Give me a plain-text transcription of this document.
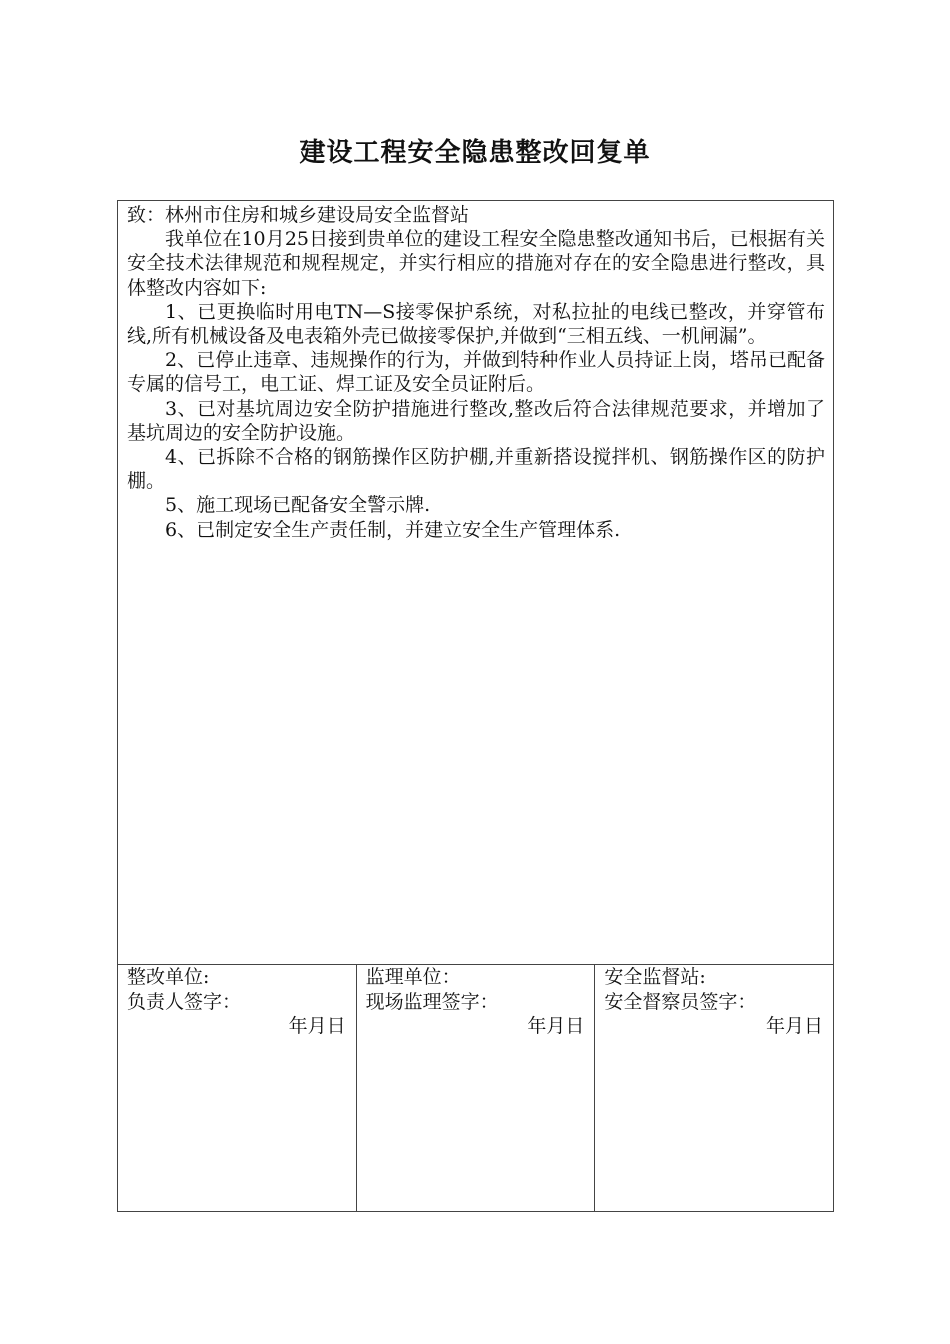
建设工程安全隐患整改回复单

致：林州市住房和城乡建设局安全监督站

我单位在10月25日接到贵单位的建设工程安全隐患整改通知书后，已根据有关安全技术法律规范和规程规定，并实行相应的措施对存在的安全隐患进行整改，具体整改内容如下:

1、已更换临时用电TN—S接零保护系统，对私拉扯的电线已整改，并穿管布线,所有机械设备及电表箱外壳已做接零保护,并做到“三相五线、一机闸漏”。

2、已停止违章、违规操作的行为，并做到特种作业人员持证上岗，塔吊已配备专属的信号工，电工证、焊工证及安全员证附后。

3、已对基坑周边安全防护措施进行整改,整改后符合法律规范要求，并增加了基坑周边的安全防护设施。

4、已拆除不合格的钢筋操作区防护棚,并重新搭设搅拌机、钢筋操作区的防护棚。

5、施工现场已配备安全警示牌.

6、已制定安全生产责任制，并建立安全生产管理体系.

整改单位:
负责人签字：
年月日
监理单位：
现场监理签字：
年月日
安全监督站:
安全督察员签字：
年月日
